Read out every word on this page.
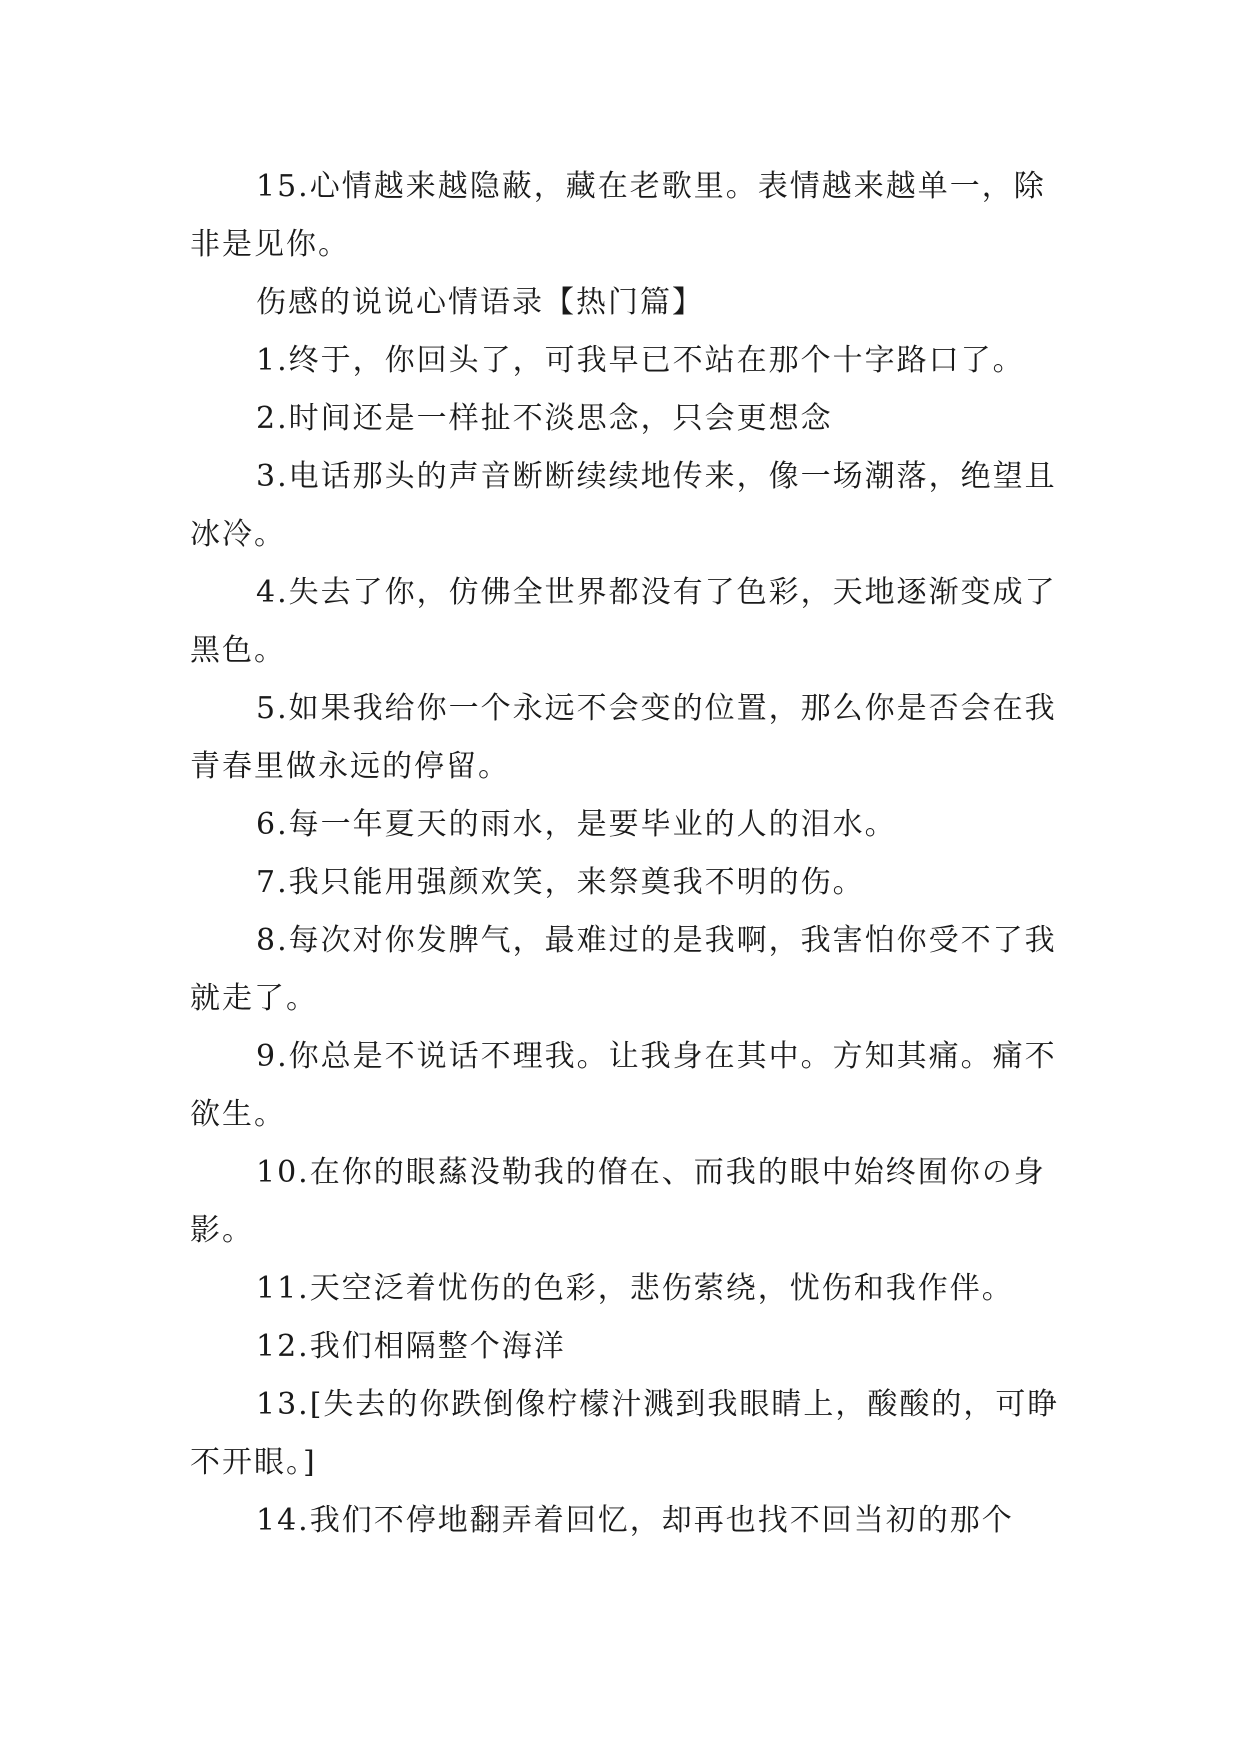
15.心情越来越隐蔽，藏在老歌里。表情越来越单一，除非是见你。

伤感的说说心情语录【热门篇】

1.终于，你回头了，可我早已不站在那个十字路口了。

2.时间还是一样扯不淡思念，只会更想念

3.电话那头的声音断断续续地传来，像一场潮落，绝望且冰冷。

4.失去了你，仿佛全世界都没有了色彩，天地逐渐变成了黑色。

5.如果我给你一个永远不会变的位置，那么你是否会在我青春里做永远的停留。

6.每一年夏天的雨水，是要毕业的人的泪水。

7.我只能用强颜欢笑，来祭奠我不明的伤。

8.每次对你发脾气，最难过的是我啊，我害怕你受不了我就走了。

9.你总是不说话不理我。让我身在其中。方知其痛。痛不欲生。

10.在你的眼蕬没勒我的傄在、而我的眼中始终囿你の身影。

11.天空泛着忧伤的色彩，悲伤萦绕，忧伤和我作伴。

12.我们相隔整个海洋

13.[失去的你跌倒像柠檬汁溅到我眼睛上，酸酸的，可睁不开眼。]

14.我们不停地翻弄着回忆，却再也找不回当初的那个
